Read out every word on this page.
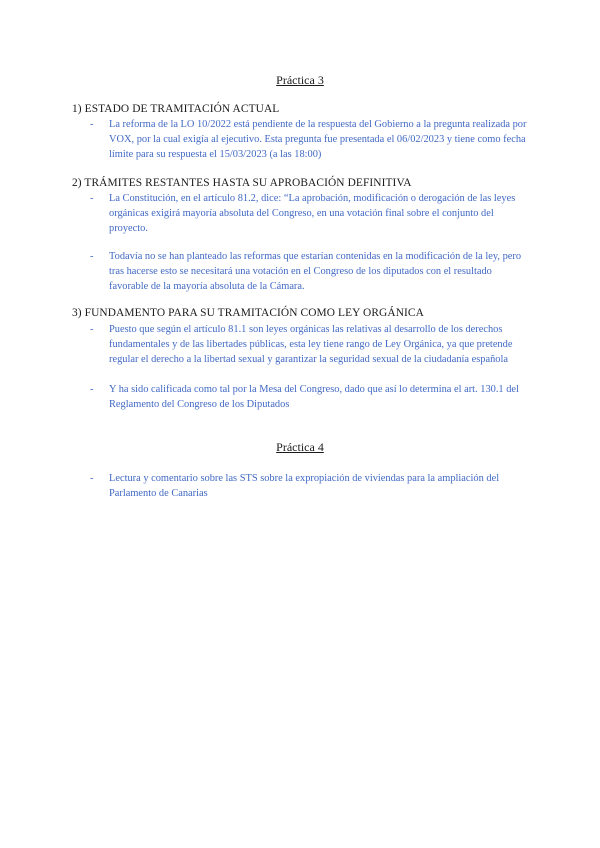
Práctica 3
1) ESTADO DE TRAMITACIÓN ACTUAL
- La reforma de la LO 10/2022 está pendiente de la respuesta del Gobierno a la pregunta realizada por VOX, por la cual exigía al ejecutivo. Esta pregunta fue presentada el 06/02/2023 y tiene como fecha límite para su respuesta el 15/03/2023 (a las 18:00)
2) TRÁMITES RESTANTES HASTA SU APROBACIÓN DEFINITIVA
- La Constitución, en el artículo 81.2, dice: “La aprobación, modificación o derogación de las leyes orgánicas exigirá mayoría absoluta del Congreso, en una votación final sobre el conjunto del proyecto.
- Todavía no se han planteado las reformas que estarían contenidas en la modificación de la ley, pero tras hacerse esto se necesitará una votación en el Congreso de los diputados con el resultado favorable de la mayoría absoluta de la Cámara.
3) FUNDAMENTO PARA SU TRAMITACIÓN COMO LEY ORGÁNICA
- Puesto que según el artículo 81.1 son leyes orgánicas las relativas al desarrollo de los derechos fundamentales y de las libertades públicas, esta ley tiene rango de Ley Orgánica, ya que pretende regular el derecho a la libertad sexual y garantizar la seguridad sexual de la ciudadanía española
- Y ha sido calificada como tal por la Mesa del Congreso, dado que así lo determina el art. 130.1 del Reglamento del Congreso de los Diputados
Práctica 4
- Lectura y comentario sobre las STS sobre la expropiación de viviendas para la ampliación del Parlamento de Canarias
